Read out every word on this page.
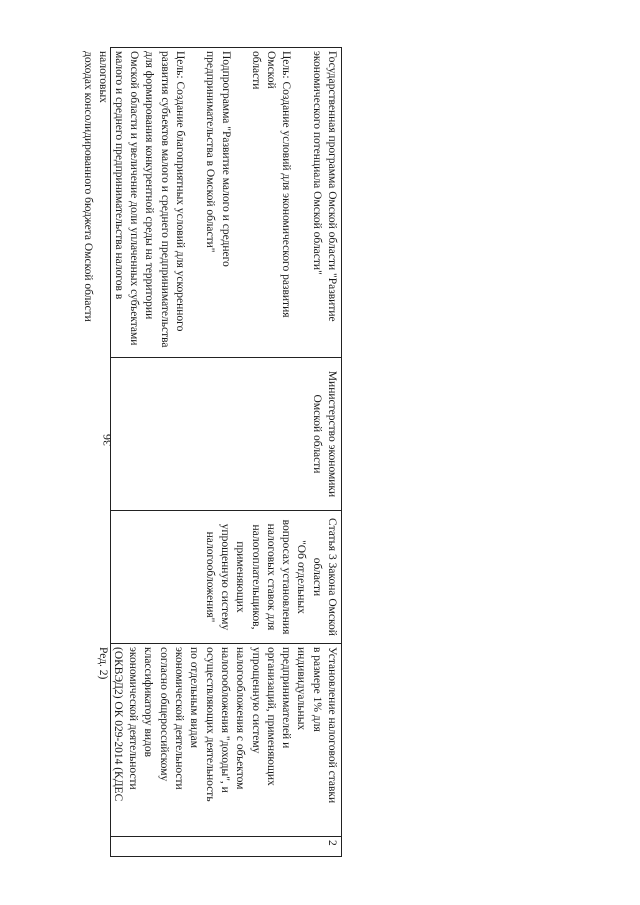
36

Государственная программа Омской области "Развитие

экономического потенциала Омской области"

Цель: Создание условий для экономического развития Омской

области

Подпрограмма "Развитие малого и среднего

предпринимательства в Омской области"

Цель: Создание благоприятных условий для ускоренного

развития субъектов малого и среднего предпринимательства

для формирования конкурентной среды на территории

Омской области и увеличение доли уплаченных субъектами

малого и среднего предпринимательства налогов в налоговых

доходах консолидированного бюджета Омской области

Министерство экономики

Омской области

Статья 3 Закона Омской

области

"Об отдельных

вопросах установления

налоговых ставок для

налогоплательщиков,

применяющих

упрощенную систему

налогообложения"

Установление налоговой ставки

в размере 1% для

индивидуальных

предпринимателей и

организаций, применяющих

упрощенную систему

налогообложения с объектом

налогообложения "доходы", и

осуществляющих деятельность

по отдельным видам

экономической деятельности

согласно общероссийскому

классификатору видов

экономической деятельности

(ОКВЭД2) ОК 029-2014 (КДЕС

Ред. 2)

2
